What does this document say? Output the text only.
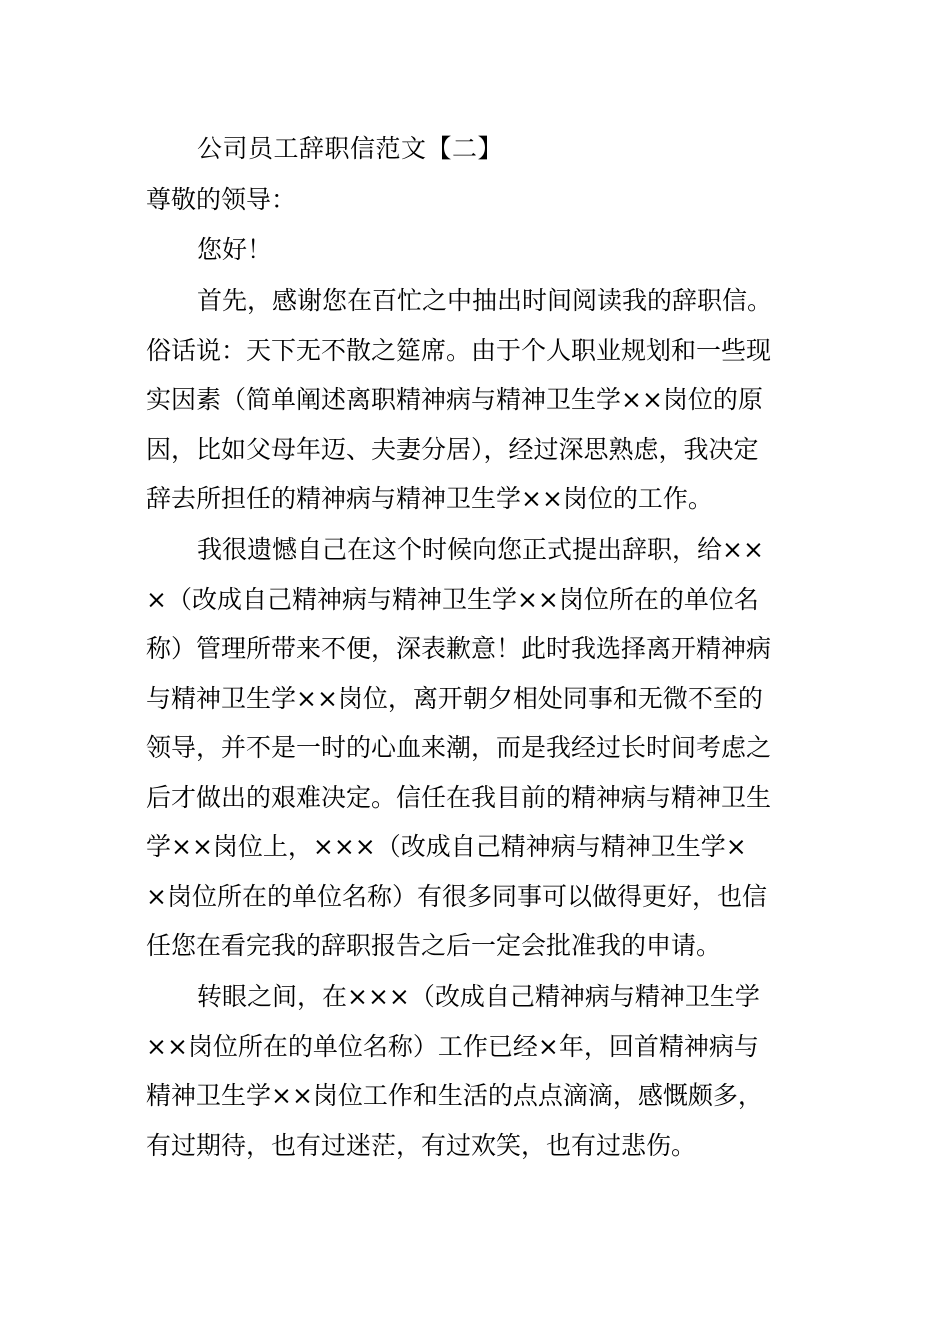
公司员工辞职信范文【二】
尊敬的领导：
您好！
首先，感谢您在百忙之中抽出时间阅读我的辞职信。
俗话说：天下无不散之筵席。由于个人职业规划和一些现
实因素（简单阐述离职精神病与精神卫生学××岗位的原
因，比如父母年迈、夫妻分居），经过深思熟虑，我决定
辞去所担任的精神病与精神卫生学××岗位的工作。
我很遗憾自己在这个时候向您正式提出辞职，给××
×（改成自己精神病与精神卫生学××岗位所在的单位名
称）管理所带来不便，深表歉意！此时我选择离开精神病
与精神卫生学××岗位，离开朝夕相处同事和无微不至的
领导，并不是一时的心血来潮，而是我经过长时间考虑之
后才做出的艰难决定。信任在我目前的精神病与精神卫生
学××岗位上，×××（改成自己精神病与精神卫生学×
×岗位所在的单位名称）有很多同事可以做得更好，也信
任您在看完我的辞职报告之后一定会批准我的申请。
转眼之间，在×××（改成自己精神病与精神卫生学
××岗位所在的单位名称）工作已经×年，回首精神病与
精神卫生学××岗位工作和生活的点点滴滴，感慨颇多，
有过期待，也有过迷茫，有过欢笑，也有过悲伤。
